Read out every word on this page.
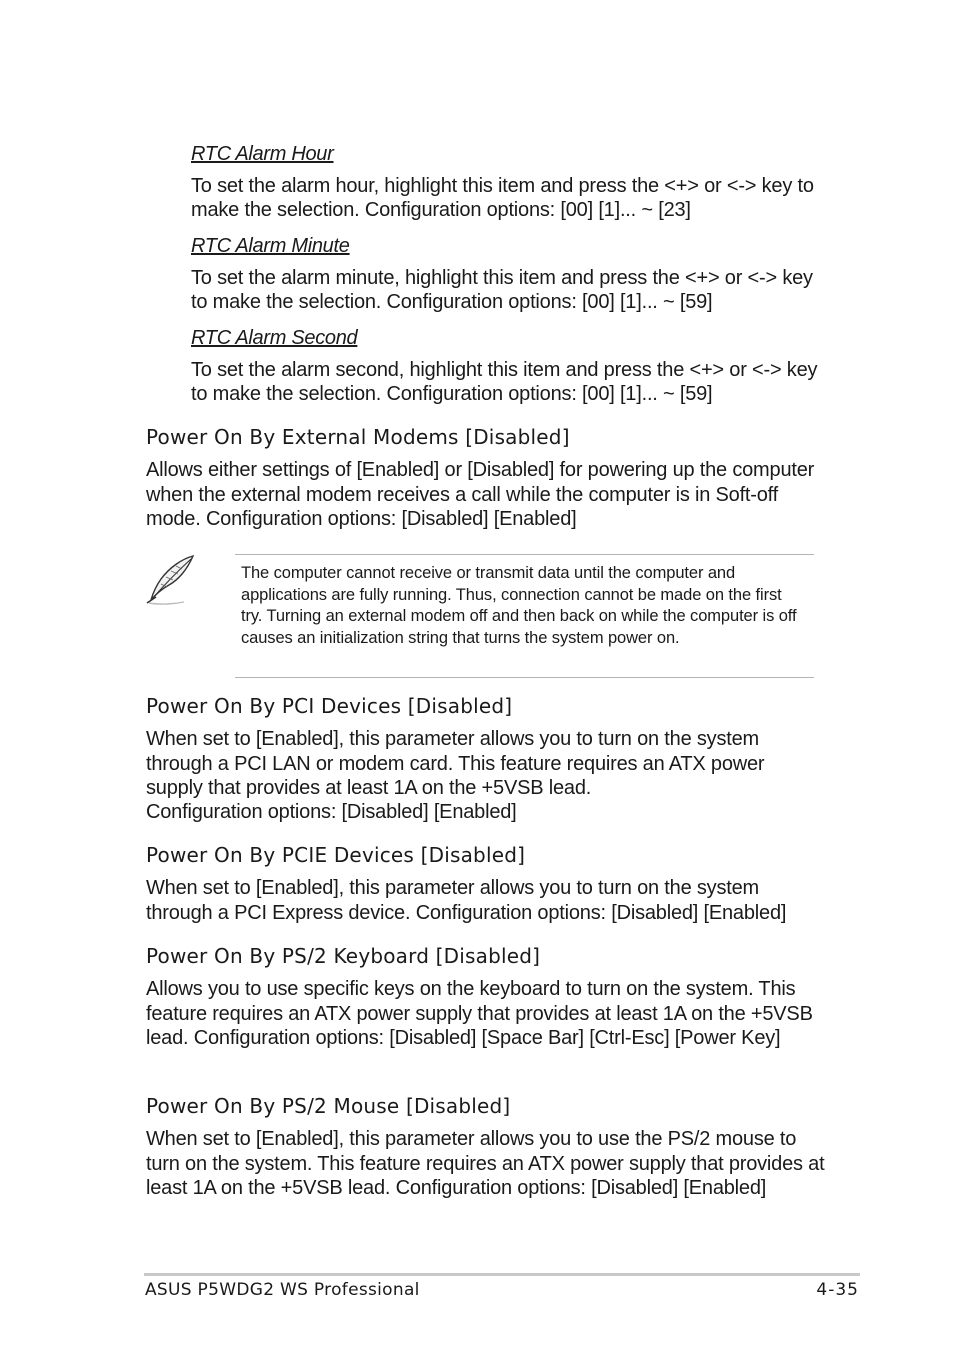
RTC Alarm Hour

To set the alarm hour, highlight this item and press the <+> or <-> key to make the selection. Configuration options: [00] [1]... ~ [23]

RTC Alarm Minute

To set the alarm minute, highlight this item and press the <+> or <-> key to make the selection. Configuration options: [00] [1]... ~ [59]

RTC Alarm Second

To set the alarm second, highlight this item and press the <+> or <-> key to make the selection. Configuration options: [00] [1]... ~ [59]

Power On By External Modems [Disabled]

Allows either settings of [Enabled] or [Disabled] for powering up the computer when the external modem receives a call while the computer is in Soft-off mode. Configuration options: [Disabled] [Enabled]

The computer cannot receive or transmit data until the computer and applications are fully running. Thus, connection cannot be made on the first try. Turning an external modem off and then back on while the computer is off causes an initialization string that turns the system power on.

Power On By PCI Devices [Disabled]

When set to [Enabled], this parameter allows you to turn on the system through a PCI LAN or modem card. This feature requires an ATX power supply that provides at least 1A on the +5VSB lead.

Configuration options: [Disabled] [Enabled]

Power On By PCIE Devices [Disabled]

When set to [Enabled], this parameter allows you to turn on the system through a PCI Express device. Configuration options: [Disabled] [Enabled]

Power On By PS/2 Keyboard [Disabled]

Allows you to use specific keys on the keyboard to turn on the system. This feature requires an ATX power supply that provides at least 1A on the +5VSB lead. Configuration options: [Disabled] [Space Bar] [Ctrl-Esc] [Power Key]

Power On By PS/2 Mouse [Disabled]

When set to [Enabled], this parameter allows you to use the PS/2 mouse to turn on the system. This feature requires an ATX power supply that provides at least 1A on the +5VSB lead. Configuration options: [Disabled] [Enabled]

ASUS P5WDG2 WS Professional	4-35
